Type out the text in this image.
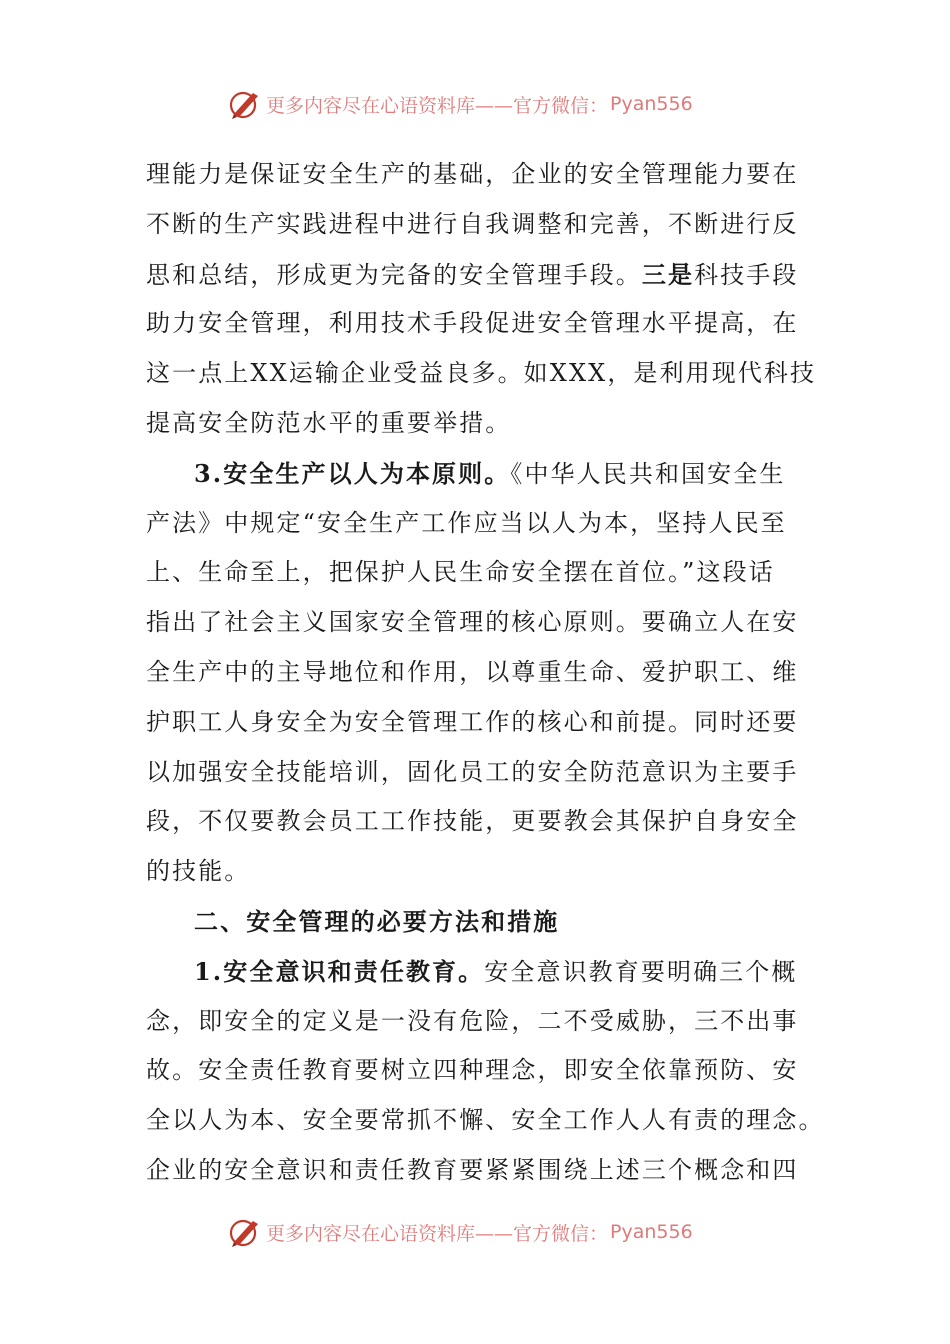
更多内容尽在心语资料库——官方微信： Pyan556
理能力是保证安全生产的基础，企业的安全管理能力要在
不断的生产实践进程中进行自我调整和完善，不断进行反
思和总结，形成更为完备的安全管理手段。三是科技手段
助力安全管理，利用技术手段促进安全管理水平提高，在
这一点上XX运输企业受益良多。如XXX，是利用现代科技
提高安全防范水平的重要举措。
3.安全生产以人为本原则。《中华人民共和国安全生
产法》中规定“安全生产工作应当以人为本，坚持人民至
上、生命至上，把保护人民生命安全摆在首位。”这段话
指出了社会主义国家安全管理的核心原则。要确立人在安
全生产中的主导地位和作用，以尊重生命、爱护职工、维
护职工人身安全为安全管理工作的核心和前提。同时还要
以加强安全技能培训，固化员工的安全防范意识为主要手
段，不仅要教会员工工作技能，更要教会其保护自身安全
的技能。
二、安全管理的必要方法和措施
1.安全意识和责任教育。安全意识教育要明确三个概
念，即安全的定义是一没有危险，二不受威胁，三不出事
故。安全责任教育要树立四种理念，即安全依靠预防、安
全以人为本、安全要常抓不懈、安全工作人人有责的理念。
企业的安全意识和责任教育要紧紧围绕上述三个概念和四
更多内容尽在心语资料库——官方微信： Pyan556
